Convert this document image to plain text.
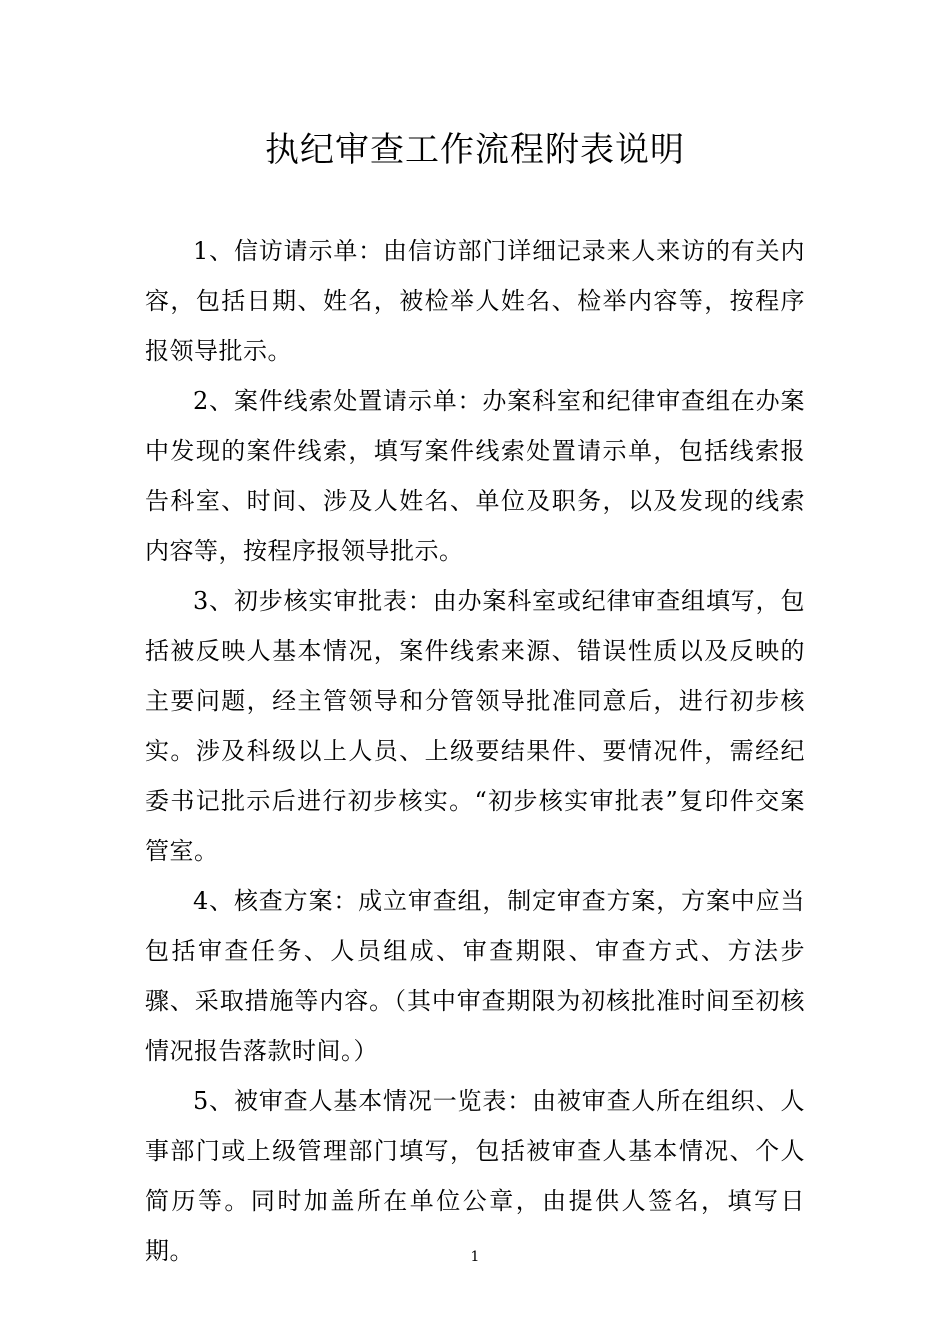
执纪审查工作流程附表说明

1、信访请示单：由信访部门详细记录来人来访的有关内容，包括日期、姓名，被检举人姓名、检举内容等，按程序报领导批示。

2、案件线索处置请示单：办案科室和纪律审查组在办案中发现的案件线索，填写案件线索处置请示单，包括线索报告科室、时间、涉及人姓名、单位及职务，以及发现的线索内容等，按程序报领导批示。

3、初步核实审批表：由办案科室或纪律审查组填写，包括被反映人基本情况，案件线索来源、错误性质以及反映的主要问题，经主管领导和分管领导批准同意后，进行初步核实。涉及科级以上人员、上级要结果件、要情况件，需经纪委书记批示后进行初步核实。“初步核实审批表”复印件交案管室。

4、核查方案：成立审查组，制定审查方案，方案中应当包括审查任务、人员组成、审查期限、审查方式、方法步骤、采取措施等内容。（其中审查期限为初核批准时间至初核情况报告落款时间。）

5、被审查人基本情况一览表：由被审查人所在组织、人事部门或上级管理部门填写，包括被审查人基本情况、个人简历等。同时加盖所在单位公章，由提供人签名，填写日期。	1
